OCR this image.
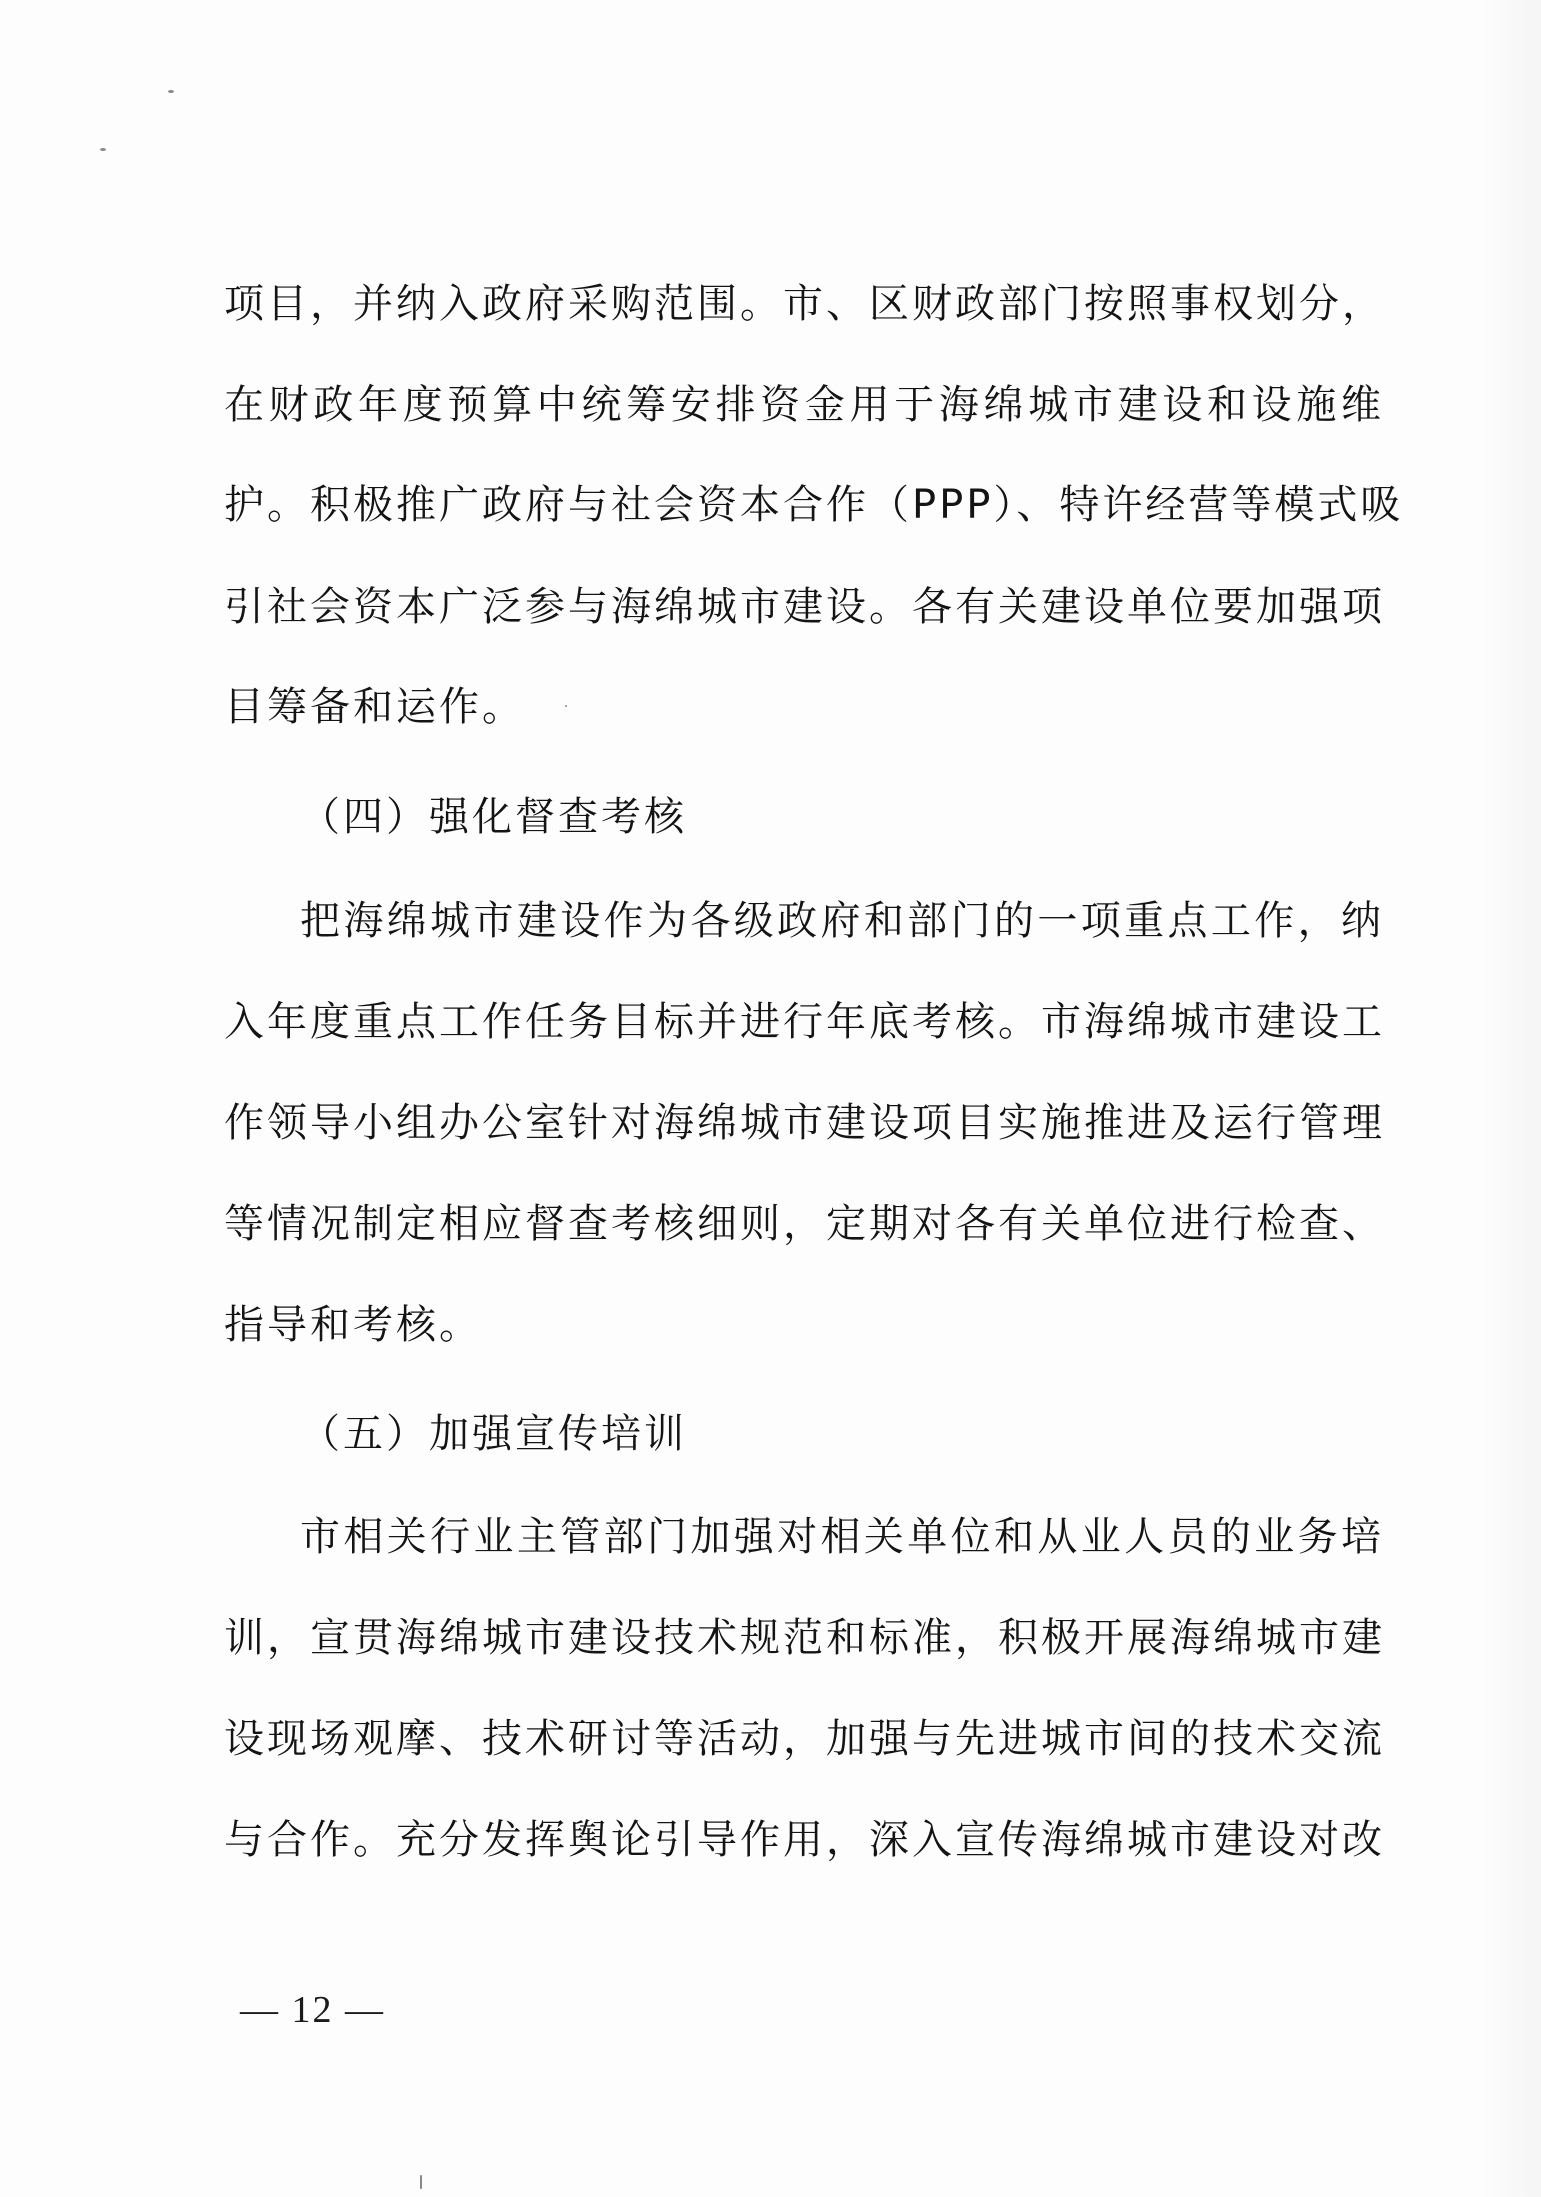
项目，并纳入政府采购范围。市、区财政部门按照事权划分，
在财政年度预算中统筹安排资金用于海绵城市建设和设施维
护。积极推广政府与社会资本合作（PPP）、特许经营等模式吸
引社会资本广泛参与海绵城市建设。各有关建设单位要加强项
目筹备和运作。
（四）强化督查考核
把海绵城市建设作为各级政府和部门的一项重点工作，纳
入年度重点工作任务目标并进行年底考核。市海绵城市建设工
作领导小组办公室针对海绵城市建设项目实施推进及运行管理
等情况制定相应督查考核细则，定期对各有关单位进行检查、
指导和考核。
（五）加强宣传培训
市相关行业主管部门加强对相关单位和从业人员的业务培
训，宣贯海绵城市建设技术规范和标准，积极开展海绵城市建
设现场观摩、技术研讨等活动，加强与先进城市间的技术交流
与合作。充分发挥舆论引导作用，深入宣传海绵城市建设对改
— 12 —
